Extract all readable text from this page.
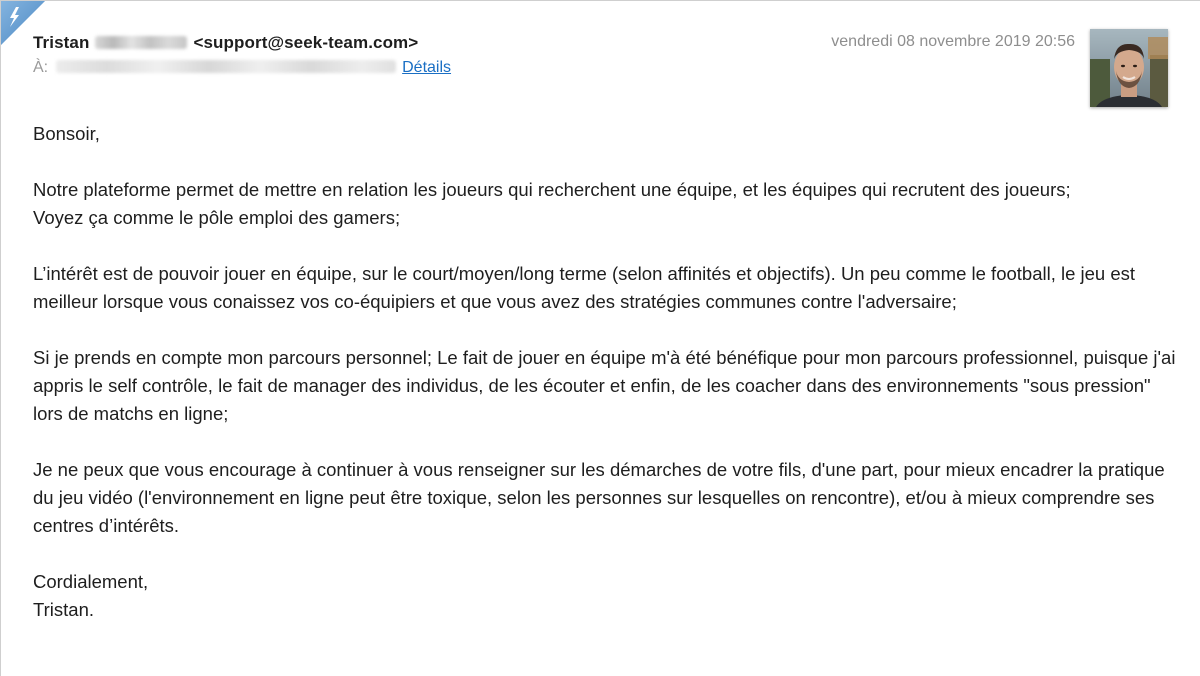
Tristan	<support@seek-team.com>
À:	Détails
vendredi 08 novembre 2019 20:56

Bonsoir,

Notre plateforme permet de mettre en relation les joueurs qui recherchent une équipe, et les équipes qui recrutent des joueurs;
Voyez ça comme le pôle emploi des gamers;

L’intérêt est de pouvoir jouer en équipe, sur le court/moyen/long terme (selon affinités et objectifs). Un peu comme le football, le jeu est meilleur lorsque vous conaissez vos co-équipiers et que vous avez des stratégies communes contre l'adversaire;

Si je prends en compte mon parcours personnel; Le fait de jouer en équipe m'à été bénéfique pour mon parcours professionnel, puisque j'ai appris le self contrôle, le fait de manager des individus, de les écouter et enfin, de les coacher dans des environnements "sous pression" lors de matchs en ligne;

Je ne peux que vous encourage à continuer à vous renseigner sur les démarches de votre fils, d'une part, pour mieux encadrer la pratique du jeu vidéo (l'environnement en ligne peut être toxique, selon les personnes sur lesquelles on rencontre), et/ou à mieux comprendre ses centres d’intérêts.

Cordialement,

Tristan.
